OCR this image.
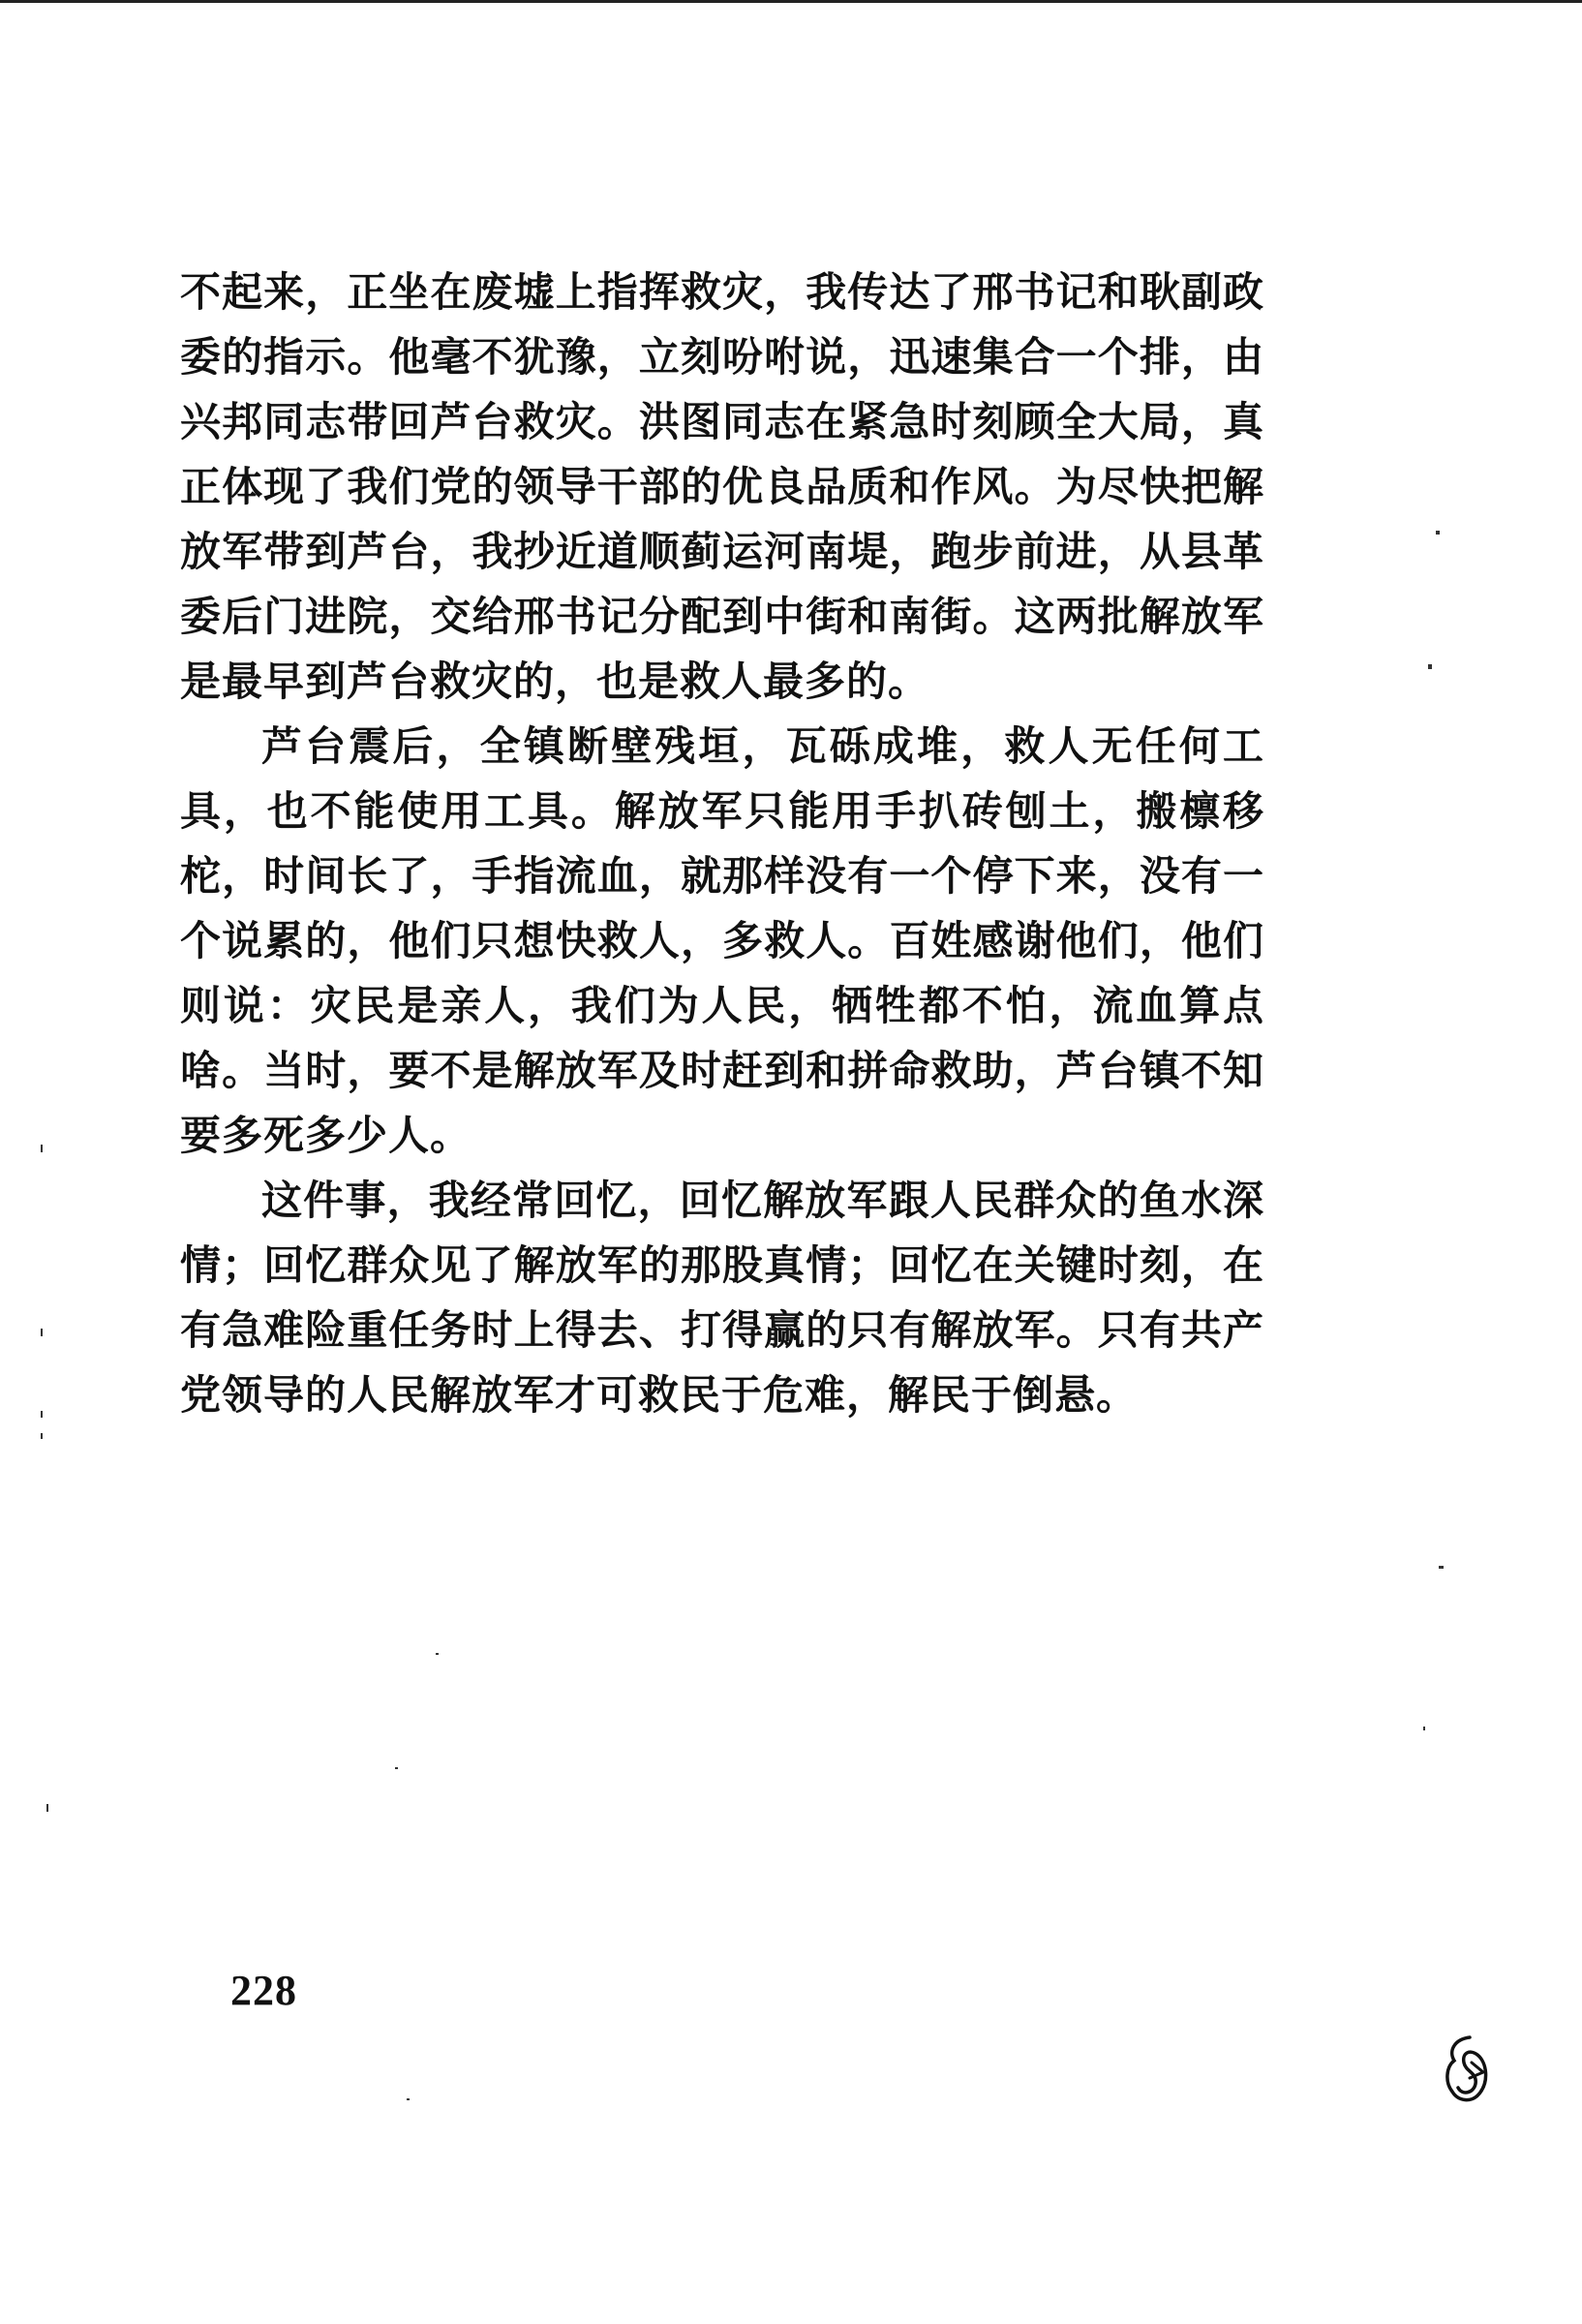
不起来，正坐在废墟上指挥救灾，我传达了邢书记和耿副政
委的指示。他毫不犹豫，立刻吩咐说，迅速集合一个排，由
兴邦同志带回芦台救灾。洪图同志在紧急时刻顾全大局，真
正体现了我们党的领导干部的优良品质和作风。为尽快把解
放军带到芦台，我抄近道顺蓟运河南堤，跑步前进，从县革
委后门进院，交给邢书记分配到中街和南街。这两批解放军
是最早到芦台救灾的，也是救人最多的。
芦台震后，全镇断壁残垣，瓦砾成堆，救人无任何工
具，也不能使用工具。解放军只能用手扒砖刨土，搬檩移
柁，时间长了，手指流血，就那样没有一个停下来，没有一
个说累的，他们只想快救人，多救人。百姓感谢他们，他们
则说：灾民是亲人，我们为人民，牺牲都不怕，流血算点
啥。当时，要不是解放军及时赶到和拼命救助，芦台镇不知
要多死多少人。
这件事，我经常回忆，回忆解放军跟人民群众的鱼水深
情；回忆群众见了解放军的那股真情；回忆在关键时刻，在
有急难险重任务时上得去、打得赢的只有解放军。只有共产
党领导的人民解放军才可救民于危难，解民于倒悬。
228
